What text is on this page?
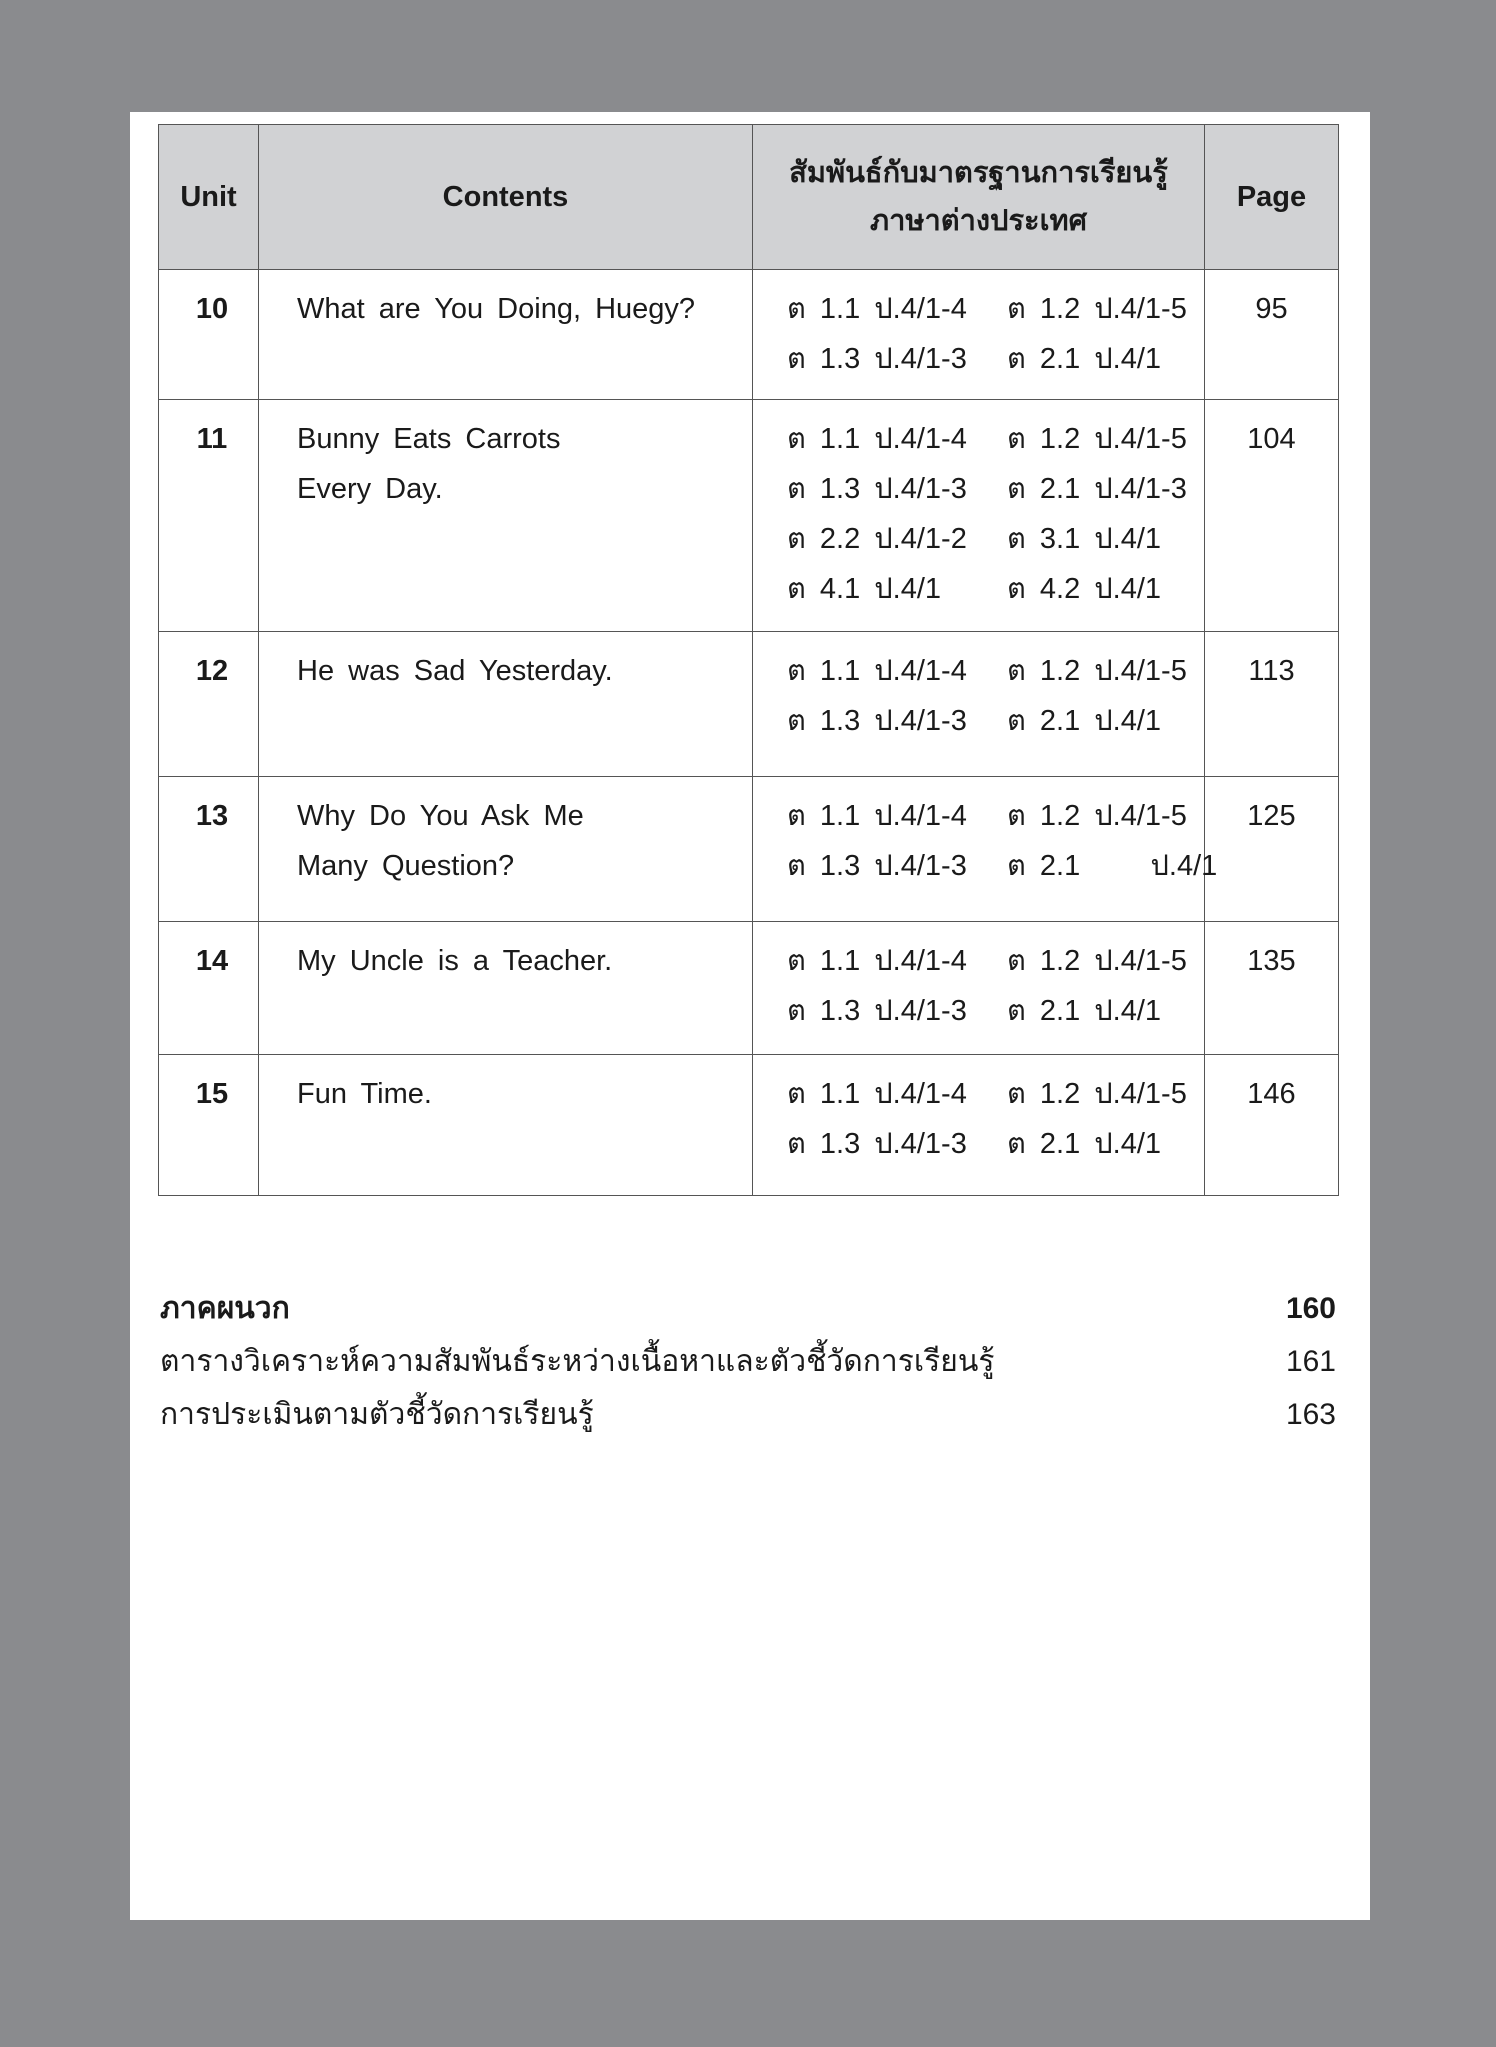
Unit	Contents	สัมพันธ์กับมาตรฐานการเรียนรู้
ภาษาต่างประเทศ	Page
10	What are You Doing, Huegy?	ต 1.1 ป.4/1-4 ต 1.2 ป.4/1-5
ต 1.3 ป.4/1-3 ต 2.1 ป.4/1	95
11	Bunny Eats Carrots
Every Day.	ต 1.1 ป.4/1-4 ต 1.2 ป.4/1-5
ต 1.3 ป.4/1-3 ต 2.1 ป.4/1-3
ต 2.2 ป.4/1-2 ต 3.1 ป.4/1
ต 4.1 ป.4/1 ต 4.2 ป.4/1	104
12	He was Sad Yesterday.	ต 1.1 ป.4/1-4 ต 1.2 ป.4/1-5
ต 1.3 ป.4/1-3 ต 2.1 ป.4/1	113
13	Why Do You Ask Me
Many Question?	ต 1.1 ป.4/1-4 ต 1.2 ป.4/1-5
ต 1.3 ป.4/1-3 ต 2.1     ป.4/1	125
14	My Uncle is a Teacher.	ต 1.1 ป.4/1-4 ต 1.2 ป.4/1-5
ต 1.3 ป.4/1-3 ต 2.1 ป.4/1	135
15	Fun Time.	ต 1.1 ป.4/1-4 ต 1.2 ป.4/1-5
ต 1.3 ป.4/1-3 ต 2.1 ป.4/1	146
ภาคผนวก	160
ตารางวิเคราะห์ความสัมพันธ์ระหว่างเนื้อหาและตัวชี้วัดการเรียนรู้	161
การประเมินตามตัวชี้วัดการเรียนรู้	163
